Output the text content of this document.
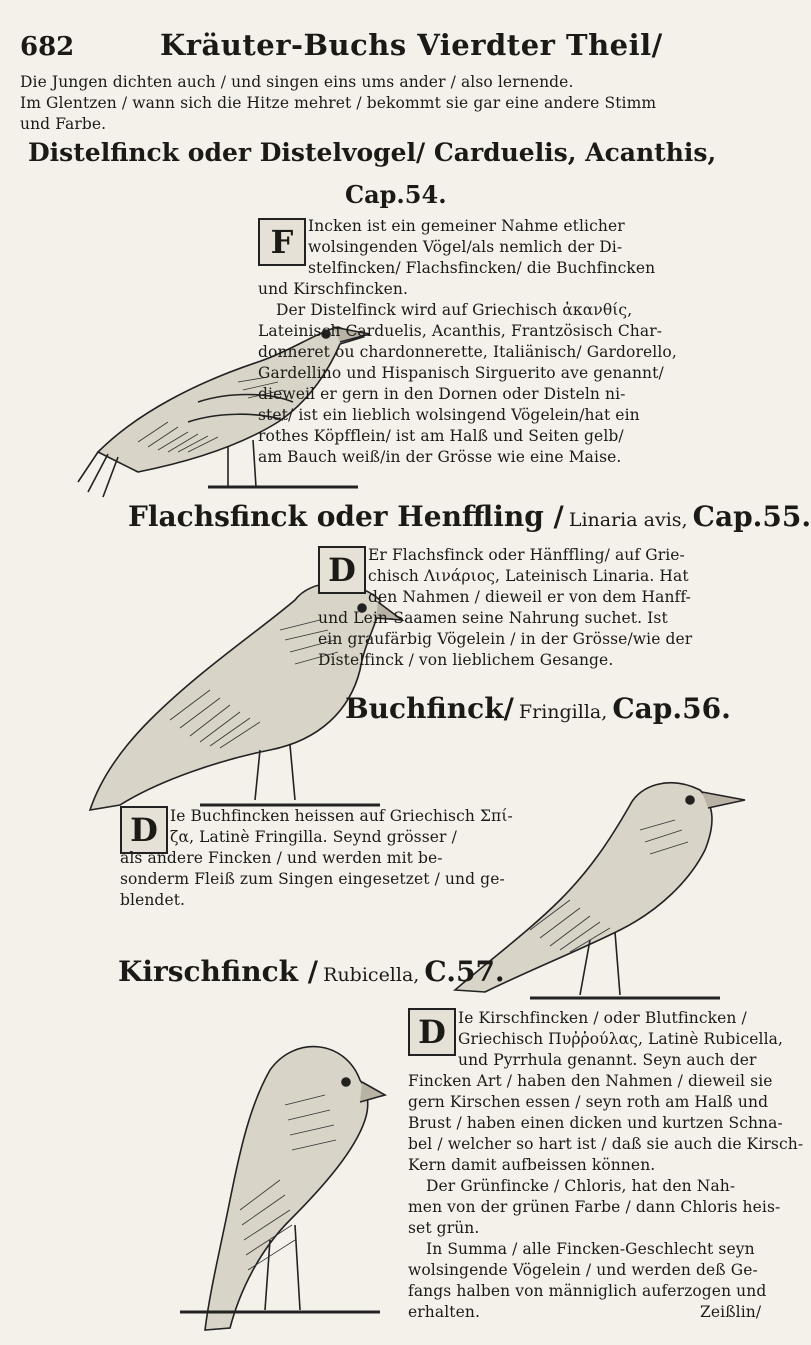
682	Kräuter-Buchs Vierdter Theil/
Die Jungen dichten auch / und singen eins ums ander / also lernende.
Im Glentzen / wann sich die Hitze mehret / bekommt sie gar eine andere Stimm
und Farbe.
Distelfinck oder Distelvogel/ Carduelis, Acanthis,
Cap.54.
F Incken ist ein gemeiner Nahme etlicher
wolsingenden Vögel/als nemlich der Di-
stelfincken/ Flachsfincken/ die Buchfincken
und Kirschfincken.
Der Distelfinck wird auf Griechisch ἀκανθίς,
Lateinisch Carduelis, Acanthis, Frantzösisch Char-
donneret ou chardonnerette, Italiänisch/ Gardorello,
Gardellino und Hispanisch Sirguerito ave genannt/
dieweil er gern in den Dornen oder Disteln ni-
stet/ ist ein lieblich wolsingend Vögelein/hat ein
rothes Köpfflein/ ist am Halß und Seiten gelb/
am Bauch weiß/in der Grösse wie eine Maise.
Flachsfinck oder Henffling / Linaria avis, Cap.55.
D Er Flachsfinck oder Hänffling/ auf Grie-
chisch Λινάριος, Lateinisch Linaria. Hat
den Nahmen / dieweil er von dem Hanff-
und Lein-Saamen seine Nahrung suchet. Ist
ein graufärbig Vögelein / in der Grösse/wie der
Distelfinck / von lieblichem Gesange.
Buchfinck/ Fringilla, Cap.56.
D Ie Buchfincken heissen auf Griechisch Σπί-
ζα, Latinè Fringilla. Seynd grösser /
als andere Fincken / und werden mit be-
sonderm Fleiß zum Singen eingesetzet / und ge-
blendet.
Kirschfinck / Rubicella, C.57.
D Ie Kirschfincken / oder Blutfincken /
Griechisch Πυῤῥούλας, Latinè Rubicella,
und Pyrrhula genannt. Seyn auch der
Fincken Art / haben den Nahmen / dieweil sie
gern Kirschen essen / seyn roth am Halß und
Brust / haben einen dicken und kurtzen Schna-
bel / welcher so hart ist / daß sie auch die Kirsch-
Kern damit aufbeissen können.
Der Grünfincke / Chloris, hat den Nah-
men von der grünen Farbe / dann Chloris heis-
set grün.
In Summa / alle Fincken-Geschlecht seyn
wolsingende Vögelein / und werden deß Ge-
fangs halben von männiglich auferzogen und
erhalten.	Zeißlin/
